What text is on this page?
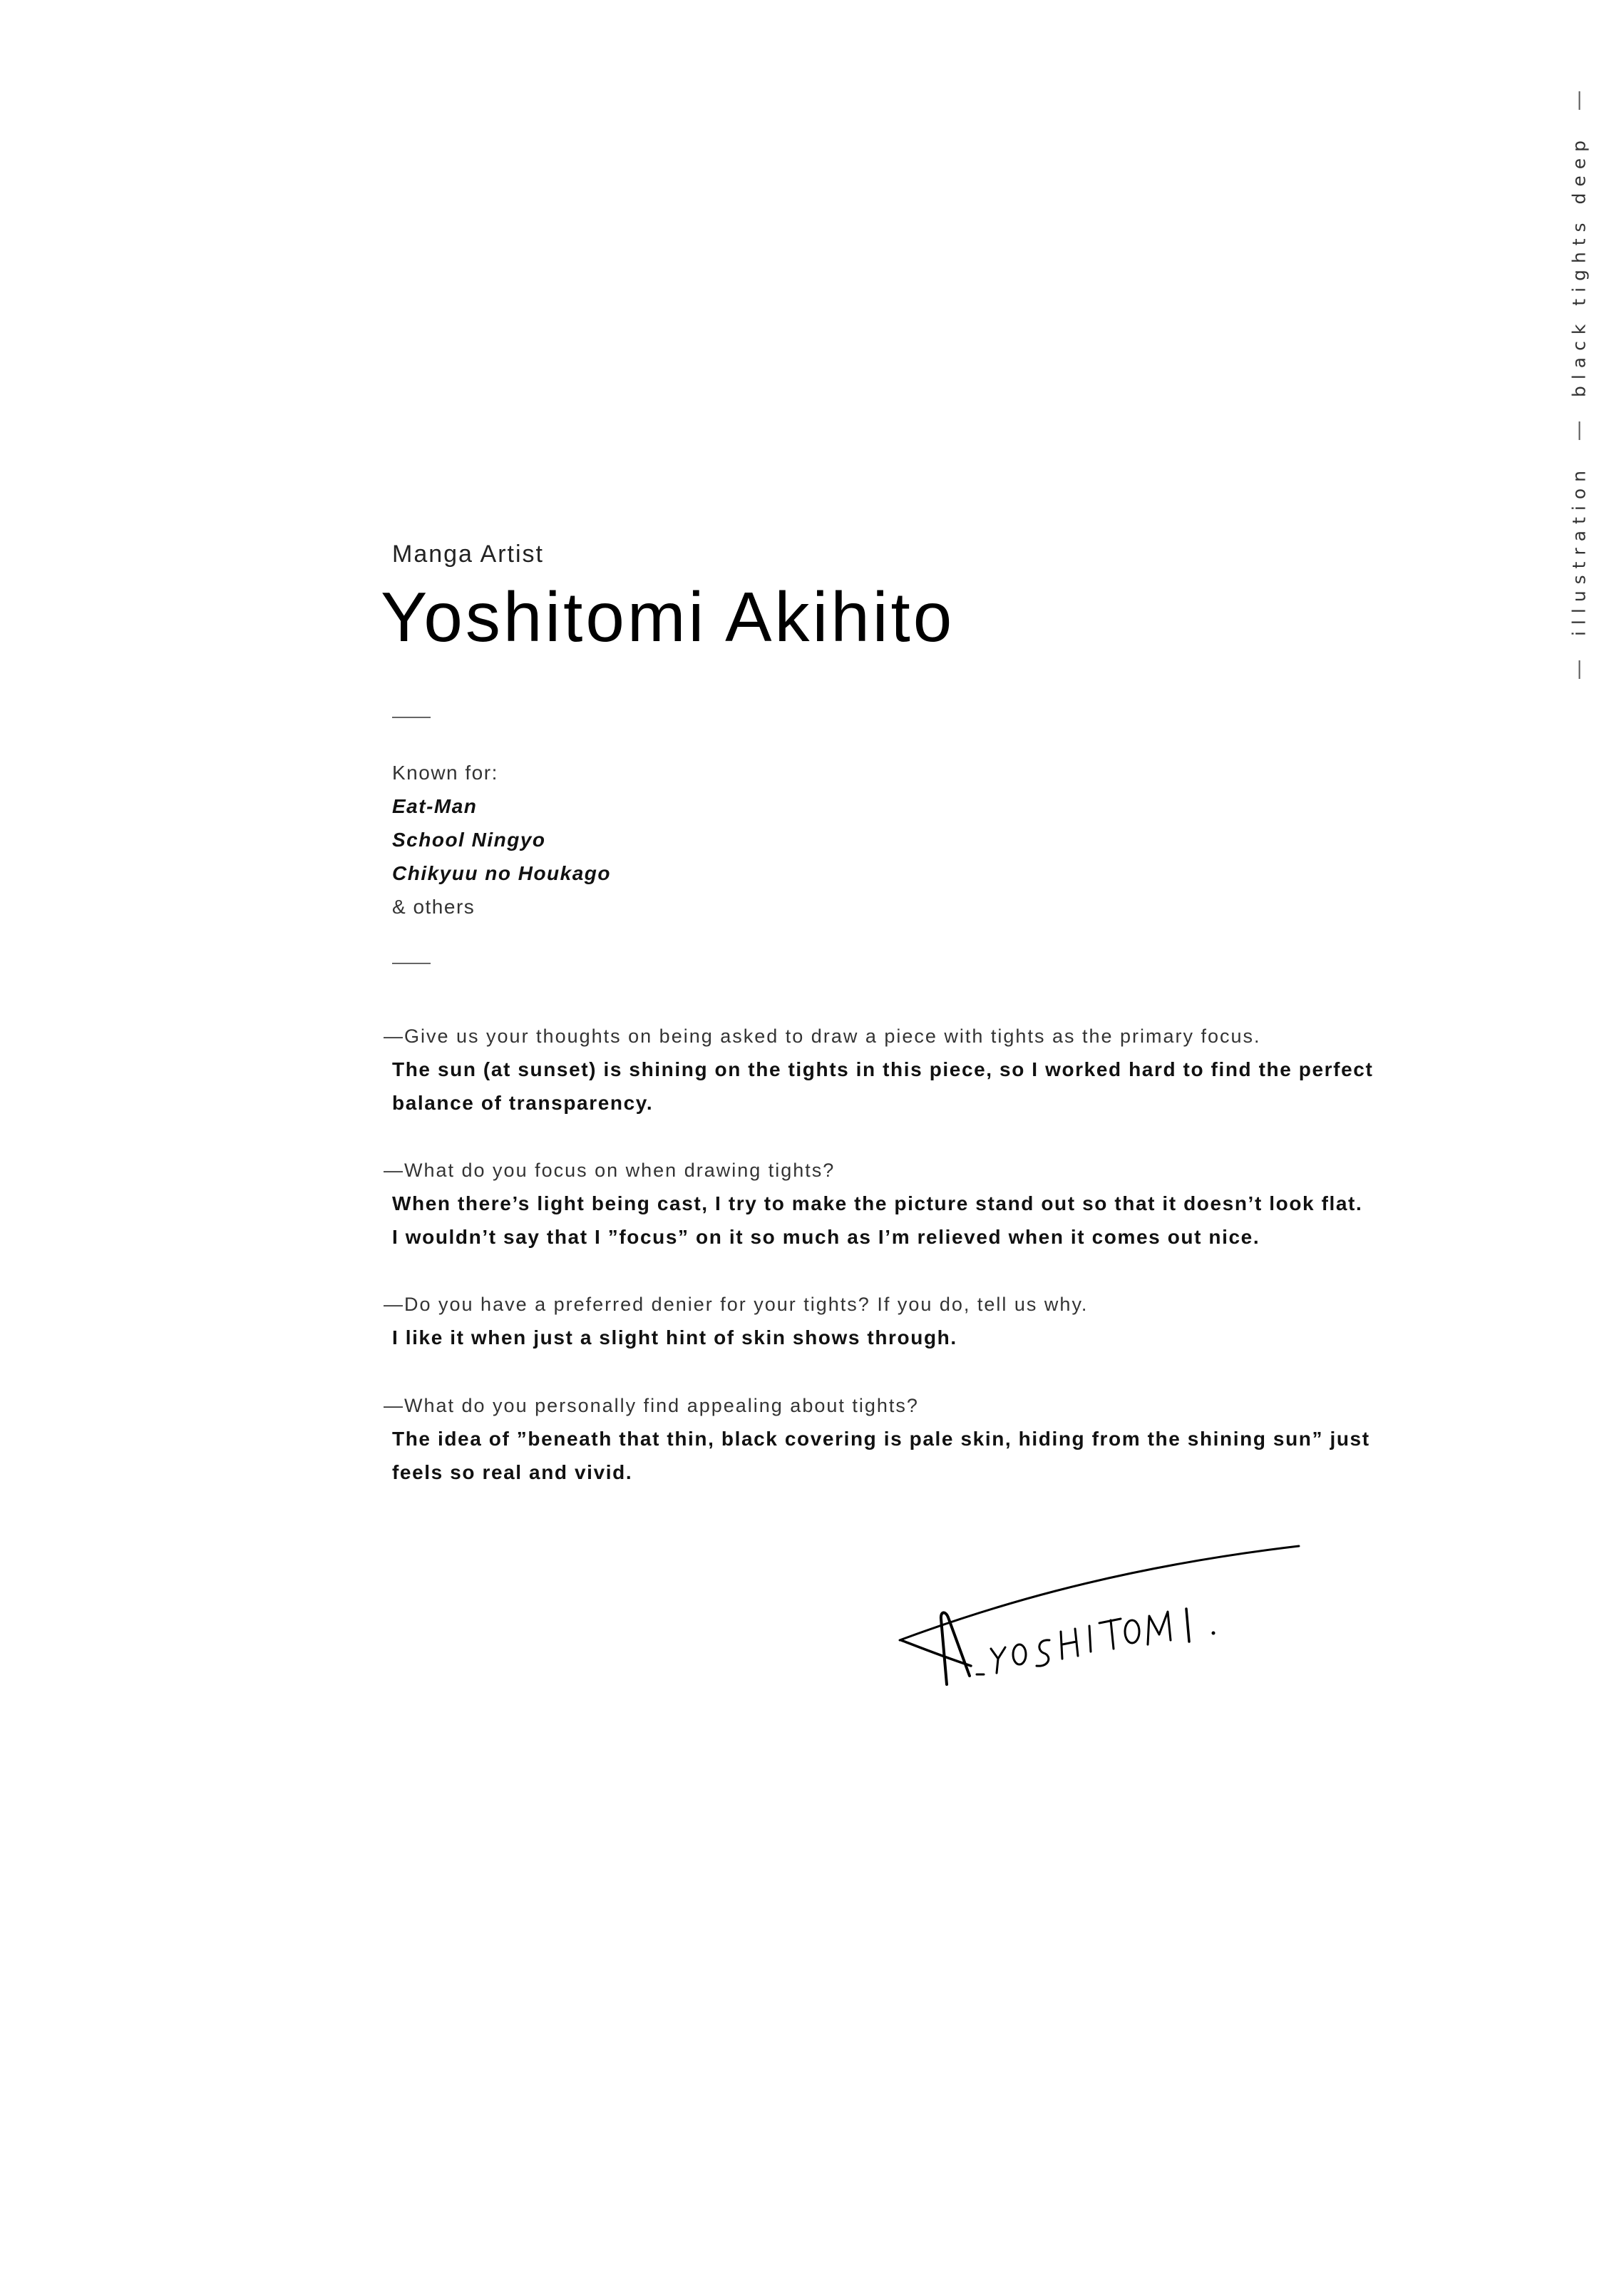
illustration
black tights deep
Manga Artist
Yoshitomi Akihito
Known for:
Eat-Man
School Ningyo
Chikyuu no Houkago
& others
—Give us your thoughts on being asked to draw a piece with tights as the primary focus.
The sun (at sunset) is shining on the tights in this piece, so I worked hard to find the perfect
balance of transparency.
—What do you focus on when drawing tights?
When there’s light being cast, I try to make the picture stand out so that it doesn’t look flat.
I wouldn’t say that I ”focus” on it so much as I’m relieved when it comes out nice.
—Do you have a preferred denier for your tights? If you do, tell us why.
I like it when just a slight hint of skin shows through.
—What do you personally find appealing about tights?
The idea of ”beneath that thin, black covering is pale skin, hiding from the shining sun” just
feels so real and vivid.
